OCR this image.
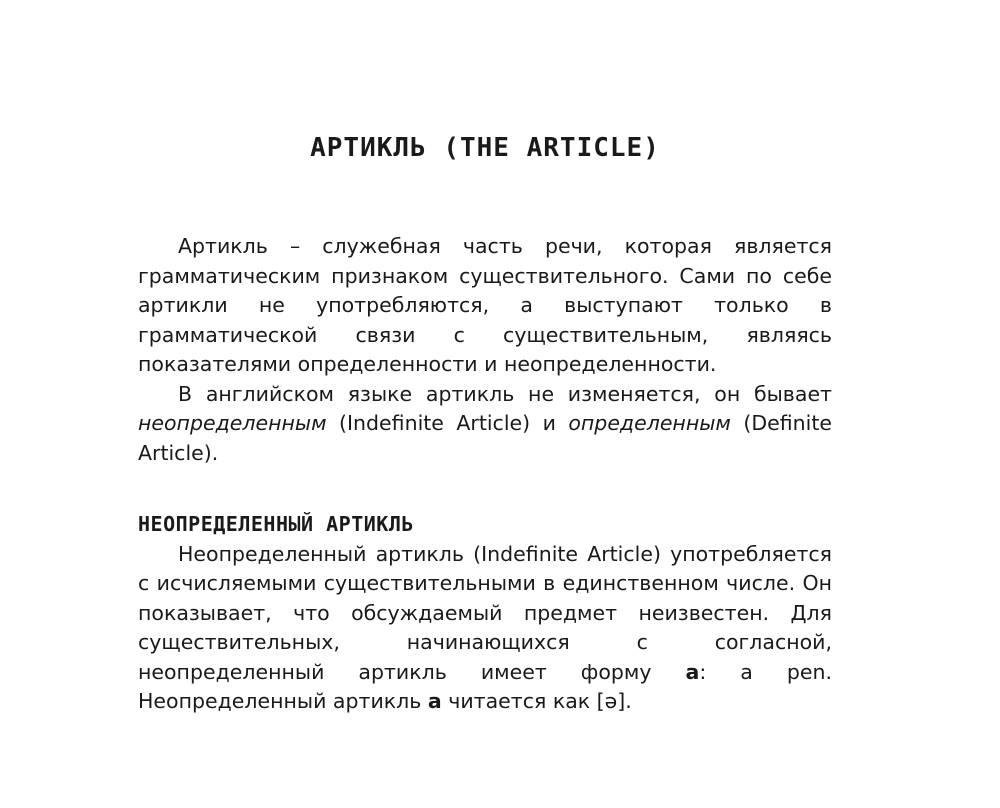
АРТИКЛЬ (THE ARTICLE)

Артикль – служебная часть речи, которая является грамматическим признаком существительного. Сами по себе артикли не употребляются, а выступают только в грамматической связи с существительным, являясь показателями определенности и неопределенности.

В английском языке артикль не изменяется, он бывает неопределенным (Indefinite Article) и определенным (Definite Article).

НЕОПРЕДЕЛЕННЫЙ АРТИКЛЬ

Неопределенный артикль (Indefinite Article) употребляется с исчисляемыми существительными в единственном числе. Он показывает, что обсуждаемый предмет неизвестен. Для существительных, начинающихся с согласной, неопределенный артикль имеет форму a: a pen. Неопределенный артикль a читается как [ə].
